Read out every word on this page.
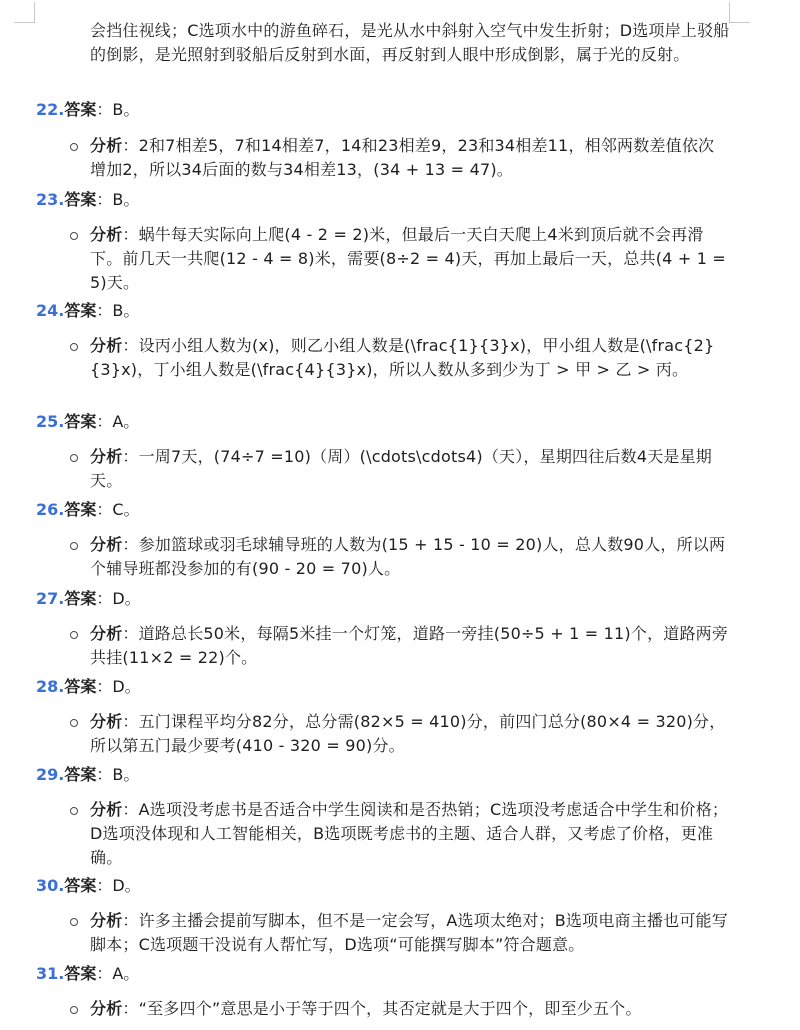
会挡住视线；C选项水中的游鱼碎石，是光从水中斜射入空气中发生折射；D选项岸上驳船的倒影，是光照射到驳船后反射到水面，再反射到人眼中形成倒影，属于光的反射。
22.答案：B。
分析：2和7相差5，7和14相差7，14和23相差9，23和34相差11，相邻两数差值依次增加2，所以34后面的数与34相差13，(34 + 13 = 47)。
23.答案：B。
分析：蜗牛每天实际向上爬(4 - 2 = 2)米，但最后一天白天爬上4米到顶后就不会再滑下。前几天一共爬(12 - 4 = 8)米，需要(8÷2 = 4)天，再加上最后一天，总共(4 + 1 = 5)天。
24.答案：B。
分析：设丙小组人数为(x)，则乙小组人数是(\frac{1}{3}x)，甲小组人数是(\frac{2}{3}x)，丁小组人数是(\frac{4}{3}x)，所以人数从多到少为丁 > 甲 > 乙 > 丙。
25.答案：A。
分析：一周7天，(74÷7 =10)（周）(\cdots\cdots4)（天），星期四往后数4天是星期天。
26.答案：C。
分析：参加篮球或羽毛球辅导班的人数为(15 + 15 - 10 = 20)人，总人数90人，所以两个辅导班都没参加的有(90 - 20 = 70)人。
27.答案：D。
分析：道路总长50米，每隔5米挂一个灯笼，道路一旁挂(50÷5 + 1 = 11)个，道路两旁共挂(11×2 = 22)个。
28.答案：D。
分析：五门课程平均分82分，总分需(82×5 = 410)分，前四门总分(80×4 = 320)分，所以第五门最少要考(410 - 320 = 90)分。
29.答案：B。
分析：A选项没考虑书是否适合中学生阅读和是否热销；C选项没考虑适合中学生和价格；D选项没体现和人工智能相关，B选项既考虑书的主题、适合人群，又考虑了价格，更准确。
30.答案：D。
分析：许多主播会提前写脚本，但不是一定会写，A选项太绝对；B选项电商主播也可能写脚本；C选项题干没说有人帮忙写，D选项“可能撰写脚本”符合题意。
31.答案：A。
分析：“至多四个”意思是小于等于四个，其否定就是大于四个，即至少五个。
